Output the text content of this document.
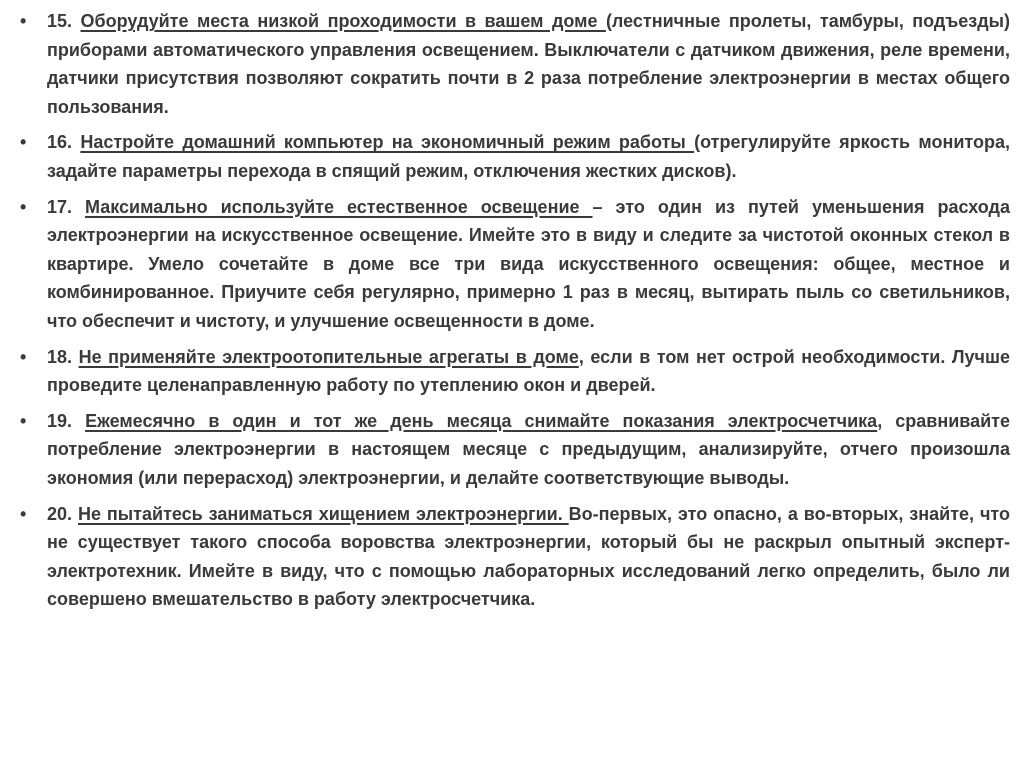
• 15. Оборудуйте места низкой проходимости в вашем доме (лестничные пролеты, тамбуры, подъезды) приборами автоматического управления освещением. Выключатели с датчиком движения, реле времени, датчики присутствия позволяют сократить почти в 2 раза потребление электроэнергии в местах общего пользования.
• 16. Настройте домашний компьютер на экономичный режим работы (отрегулируйте яркость монитора, задайте параметры перехода в спящий режим, отключения жестких дисков).
• 17. Максимально используйте естественное освещение – это один из путей уменьшения расхода электроэнергии на искусственное освещение. Имейте это в виду и следите за чистотой оконных стекол в квартире. Умело сочетайте в доме все три вида искусственного освещения: общее, местное и комбинированное. Приучите себя регулярно, примерно 1 раз в месяц, вытирать пыль со светильников, что обеспечит и чистоту, и улучшение освещенности в доме.
• 18. Не применяйте электроотопительные агрегаты в доме, если в том нет острой необходимости. Лучше проведите целенаправленную работу по утеплению окон и дверей.
• 19. Ежемесячно в один и тот же день месяца снимайте показания электросчетчика, сравнивайте потребление электроэнергии в настоящем месяце с предыдущим, анализируйте, отчего произошла экономия (или перерасход) электроэнергии, и делайте соответствующие выводы.
• 20. Не пытайтесь заниматься хищением электроэнергии. Во-первых, это опасно, а во-вторых, знайте, что не существует такого способа воровства электроэнергии, который бы не раскрыл опытный эксперт-электротехник. Имейте в виду, что с помощью лабораторных исследований легко определить, было ли совершено вмешательство в работу электросчетчика.
